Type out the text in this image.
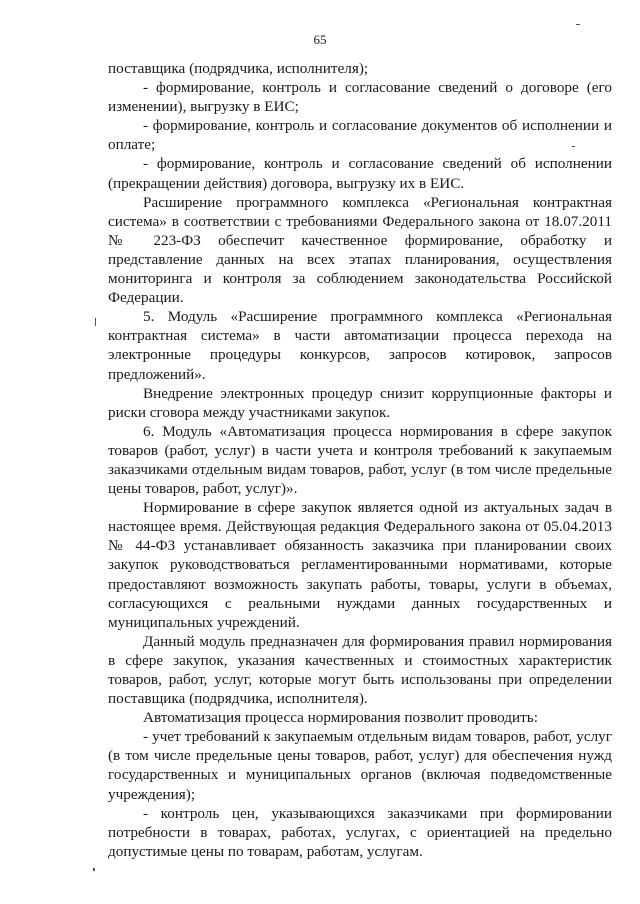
65

поставщика (подрядчика, исполнителя);

- формирование, контроль и согласование сведений о договоре (его изменении), выгрузку в ЕИС;

- формирование, контроль и согласование документов об исполнении и оплате;

- формирование, контроль и согласование сведений об исполнении (прекращении действия) договора, выгрузку их в ЕИС.

Расширение программного комплекса «Региональная контрактная система» в соответствии с требованиями Федерального закона от 18.07.2011 № 223-ФЗ обеспечит качественное формирование, обработку и представление данных на всех этапах планирования, осуществления мониторинга и контроля за соблюдением законодательства Российской Федерации.

5. Модуль «Расширение программного комплекса «Региональная контрактная система» в части автоматизации процесса перехода на электронные процедуры конкурсов, запросов котировок, запросов предложений».

Внедрение электронных процедур снизит коррупционные факторы и риски сговора между участниками закупок.

6. Модуль «Автоматизация процесса нормирования в сфере закупок товаров (работ, услуг) в части учета и контроля требований к закупаемым заказчиками отдельным видам товаров, работ, услуг (в том числе предельные цены товаров, работ, услуг)».

Нормирование в сфере закупок является одной из актуальных задач в настоящее время. Действующая редакция Федерального закона от 05.04.2013 № 44-ФЗ устанавливает обязанность заказчика при планировании своих закупок руководствоваться регламентированными нормативами, которые предоставляют возможность закупать работы, товары, услуги в объемах, согласующихся с реальными нуждами данных государственных и муниципальных учреждений.

Данный модуль предназначен для формирования правил нормирования в сфере закупок, указания качественных и стоимостных характеристик товаров, работ, услуг, которые могут быть использованы при определении поставщика (подрядчика, исполнителя).

Автоматизация процесса нормирования позволит проводить:

- учет требований к закупаемым отдельным видам товаров, работ, услуг (в том числе предельные цены товаров, работ, услуг) для обеспечения нужд государственных и муниципальных органов (включая подведомственные учреждения);

- контроль цен, указывающихся заказчиками при формировании потребности в товарах, работах, услугах, с ориентацией на предельно допустимые цены по товарам, работам, услугам.
